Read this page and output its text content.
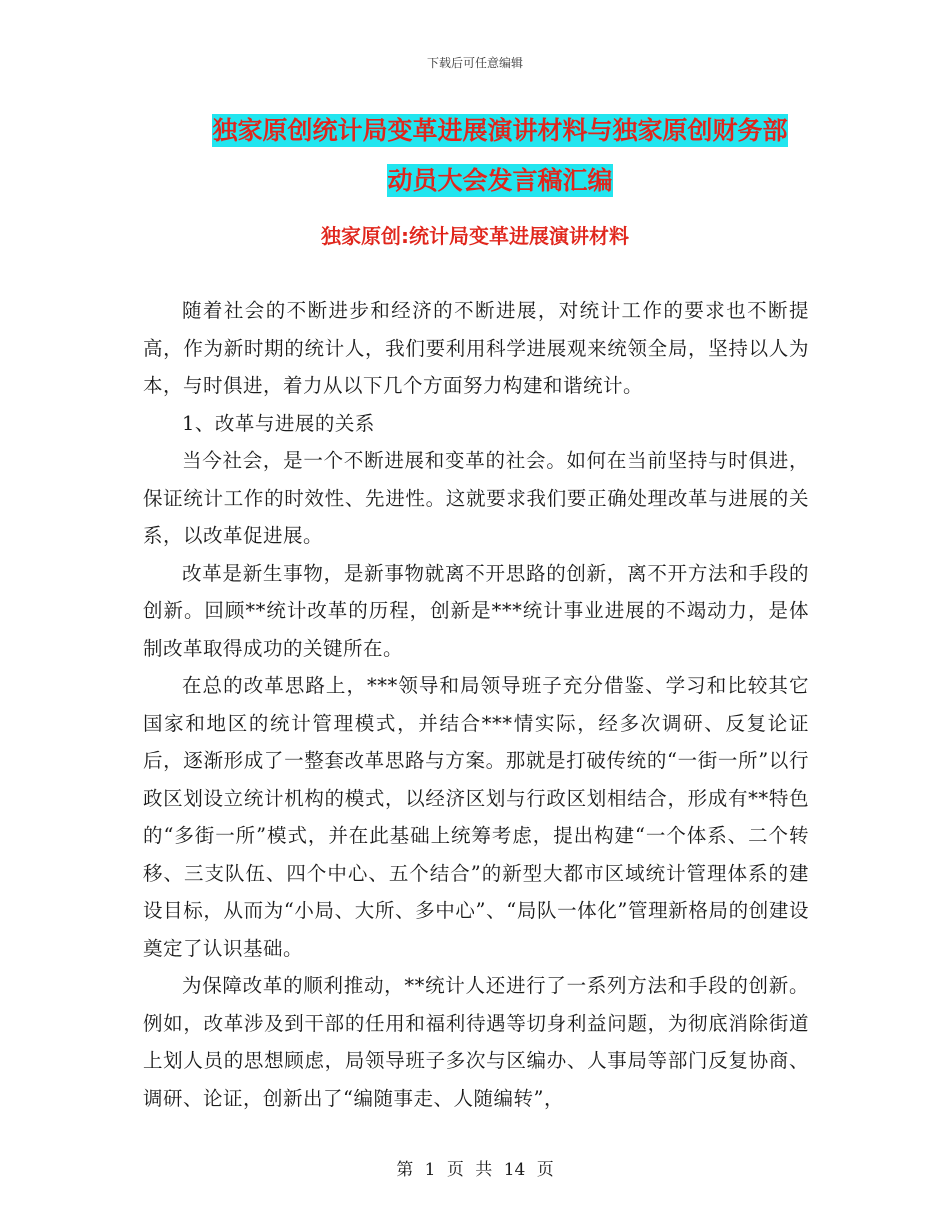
下载后可任意编辑
独家原创统计局变革进展演讲材料与独家原创财务部
动员大会发言稿汇编
独家原创:统计局变革进展演讲材料

随着社会的不断进步和经济的不断进展，对统计工作的要求也不断提高，作为新时期的统计人，我们要利用科学进展观来统领全局，坚持以人为本，与时俱进，着力从以下几个方面努力构建和谐统计。

1、改革与进展的关系

当今社会，是一个不断进展和变革的社会。如何在当前坚持与时俱进，保证统计工作的时效性、先进性。这就要求我们要正确处理改革与进展的关系，以改革促进展。

改革是新生事物，是新事物就离不开思路的创新，离不开方法和手段的创新。回顾**统计改革的历程，创新是***统计事业进展的不竭动力，是体制改革取得成功的关键所在。

在总的改革思路上，***领导和局领导班子充分借鉴、学习和比较其它国家和地区的统计管理模式，并结合***情实际，经多次调研、反复论证后，逐渐形成了一整套改革思路与方案。那就是打破传统的“一街一所”以行政区划设立统计机构的模式，以经济区划与行政区划相结合，形成有**特色的“多街一所”模式，并在此基础上统筹考虑，提出构建“一个体系、二个转移、三支队伍、四个中心、五个结合”的新型大都市区域统计管理体系的建设目标，从而为“小局、大所、多中心”、“局队一体化”管理新格局的创建设奠定了认识基础。

为保障改革的顺利推动，**统计人还进行了一系列方法和手段的创新。例如，改革涉及到干部的任用和福利待遇等切身利益问题，为彻底消除街道上划人员的思想顾虑，局领导班子多次与区编办、人事局等部门反复协商、调研、论证，创新出了“编随事走、人随编转”，

第 1 页 共 14 页
